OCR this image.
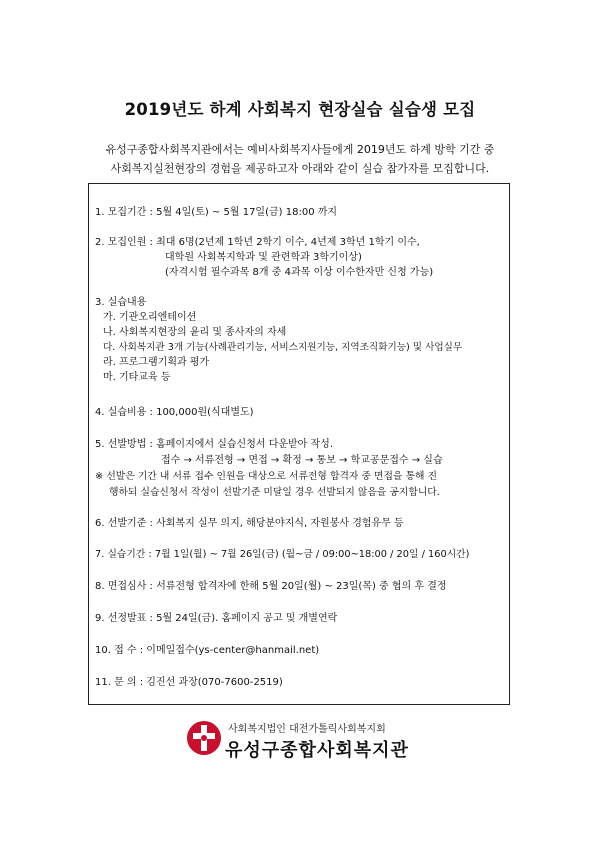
2019년도 하계 사회복지 현장실습 실습생 모집
유성구종합사회복지관에서는 예비사회복지사들에게 2019년도 하계 방학 기간 중
사회복지실천현장의 경험을 제공하고자 아래와 같이 실습 참가자를 모집합니다.
1. 모집기간 : 5월 4일(토) ~ 5월 17일(금) 18:00 까지
2. 모집인원 : 최대 6명(2년제 1학년 2학기 이수, 4년제 3학년 1학기 이수,
대학원 사회복지학과 및 관련학과 3학기이상)
(자격시험 필수과목 8개 중 4과목 이상 이수한자만 신청 가능)
3. 실습내용
가. 기관오리엔테이션
나. 사회복지현장의 윤리 및 종사자의 자세
다. 사회복지관 3개 기능(사례관리기능, 서비스지원기능, 지역조직화기능) 및 사업실무
라. 프로그램기획과 평가
마. 기타교육 등
4. 실습비용 : 100,000원(식대별도)
5. 선발방법 : 홈페이지에서 실습신청서 다운받아 작성.
접수 → 서류전형 → 면접 → 확정 → 통보 → 학교공문접수 → 실습
※ 선발은 기간 내 서류 접수 인원을 대상으로 서류전형 합격자 중 면접을 통해 진
행하되 실습신청서 작성이 선발기준 미달일 경우 선발되지 않음을 공지합니다.
6. 선발기준 : 사회복지 실무 의지, 해당분야지식, 자원봉사 경험유무 등
7. 실습기간 : 7월 1일(월) ~ 7월 26일(금) (월~금 / 09:00~18:00 / 20일 / 160시간)
8. 면접심사 : 서류전형 합격자에 한해 5월 20일(월) ~ 23일(목) 중 협의 후 결정
9. 선정발표 : 5월 24일(금). 홈페이지 공고 및 개별연락
10. 접 수 : 이메일접수(ys-center@hanmail.net)
11. 문 의 : 김진선 과장(070-7600-2519)
사회복지법인 대전가톨릭사회복지회
유성구종합사회복지관
